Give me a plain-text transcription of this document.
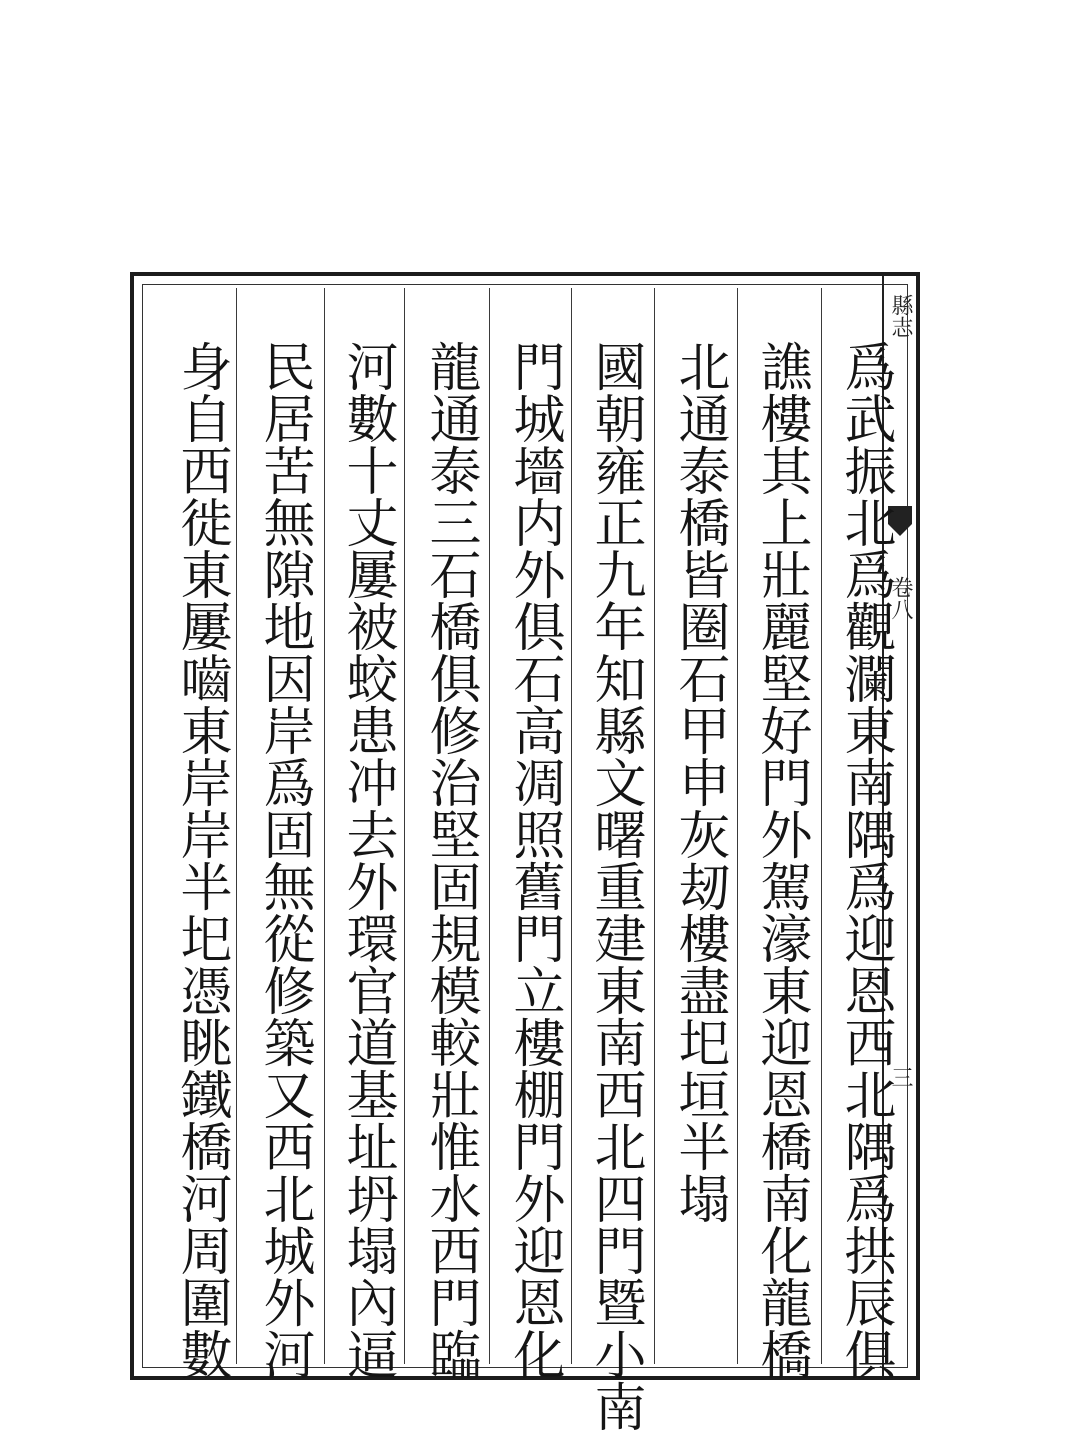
縣志
卷八
三
爲武振北爲觀瀾東南隅爲迎恩西北隅爲拱辰俱
譙樓其上壯麗堅好門外駕濠東迎恩橋南化龍橋
北通泰橋皆圈石甲申灰刼樓盡圯垣半塌
國朝雍正九年知縣文曙重建東南西北四門暨小南
門城墻内外俱石高凋照舊門立樓棚門外迎恩化
龍通泰三石橋俱修治堅固規模較壯惟水西門臨
河數十丈屢被蛟患冲去外環官道基址坍塌內逼
民居苦無隙地因岸爲固無從修築又西北城外河
身自西徙東屢嚙東岸岸半圯憑眺鐵橋河周圍數
